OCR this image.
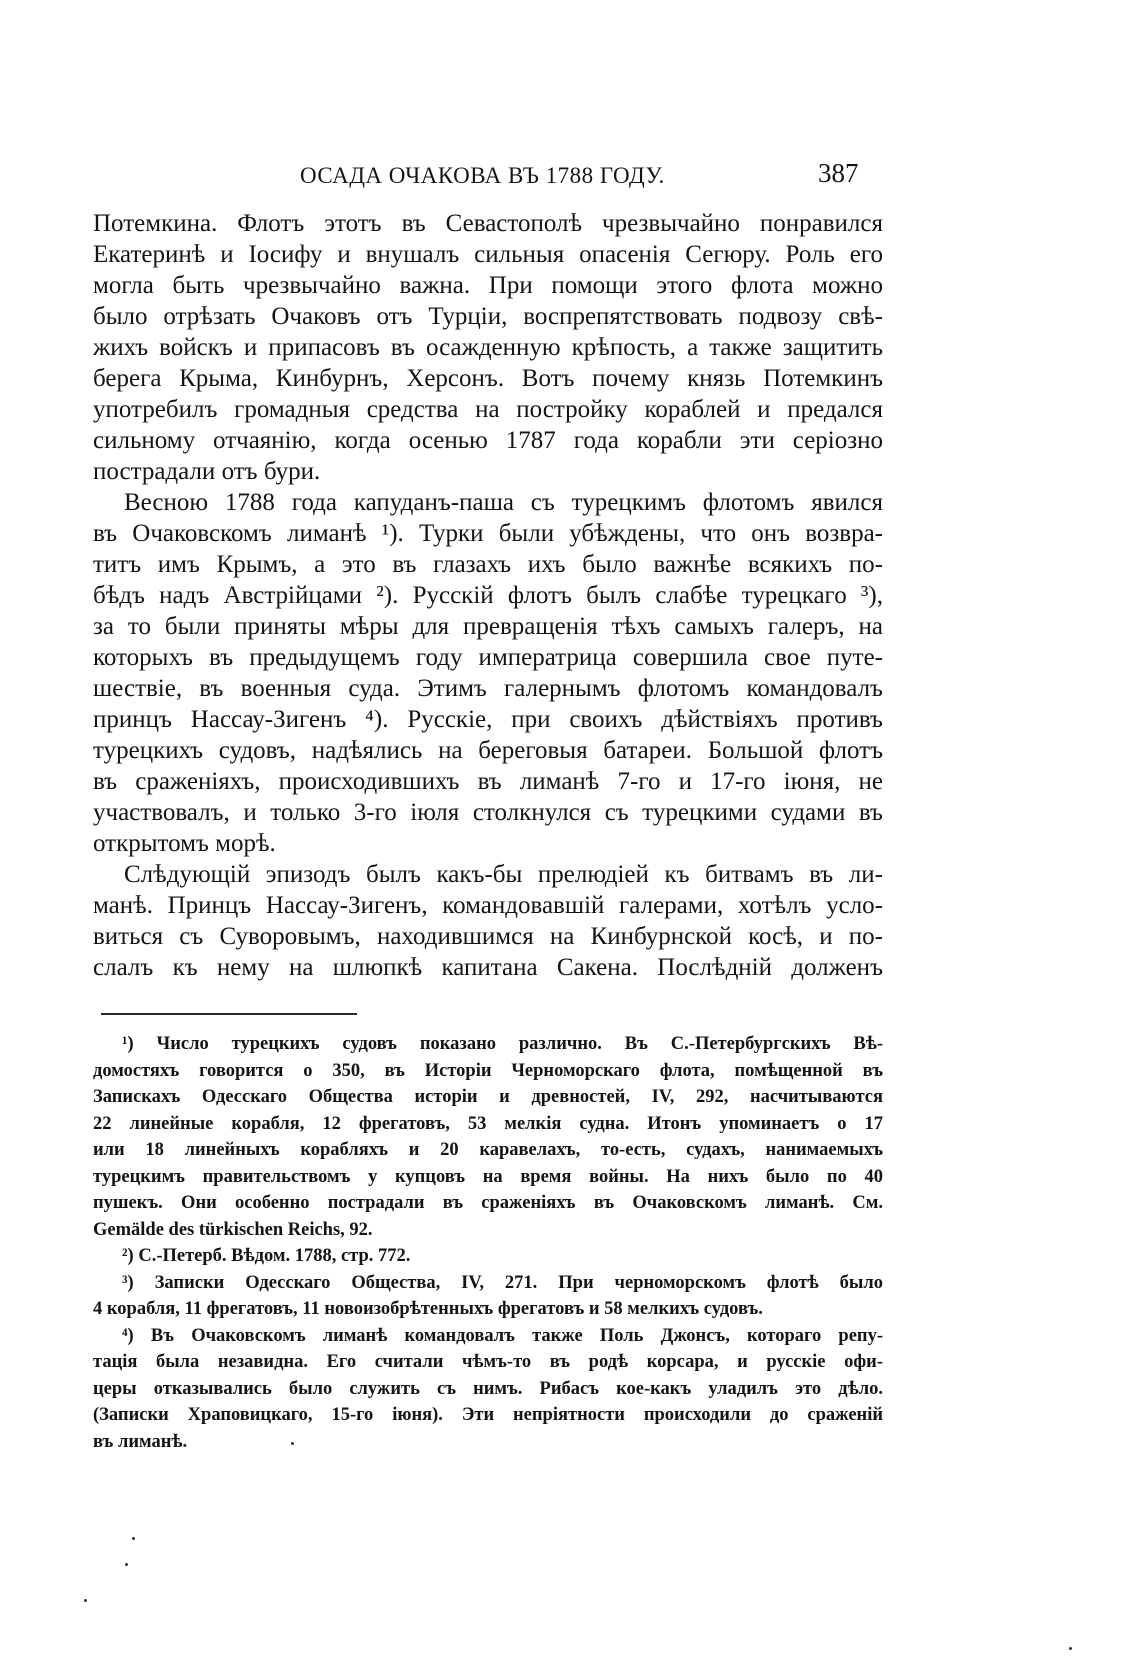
ОСАДА ОЧАКОВА ВЪ 1788 ГОДУ.	387
Потемкина. Флотъ этотъ въ Севастополѣ чрезвычайно понравился
Екатеринѣ и Іосифу и внушалъ сильныя опасенія Сегюру. Роль его
могла быть чрезвычайно важна. При помощи этого флота можно
было отрѣзать Очаковъ отъ Турціи, воспрепятствовать подвозу свѣ-
жихъ войскъ и припасовъ въ осажденную крѣпость, а также защитить
берега Крыма, Кинбурнъ, Херсонъ. Вотъ почему князь Потемкинъ
употребилъ громадныя средства на постройку кораблей и предался
сильному отчаянію, когда осенью 1787 года корабли эти серіозно
пострадали отъ бури.
Весною 1788 года капуданъ-паша съ турецкимъ флотомъ явился
въ Очаковскомъ лиманѣ ¹). Турки были убѣждены, что онъ возвра-
титъ имъ Крымъ, а это въ глазахъ ихъ было важнѣе всякихъ по-
бѣдъ надъ Австрійцами ²). Русскій флотъ былъ слабѣе турецкаго ³),
за то были приняты мѣры для превращенія тѣхъ самыхъ галеръ, на
которыхъ въ предыдущемъ году императрица совершила свое путе-
шествіе, въ военныя суда. Этимъ галернымъ флотомъ командовалъ
принцъ Нассау-Зигенъ ⁴). Русскіе, при своихъ дѣйствіяхъ противъ
турецкихъ судовъ, надѣялись на береговыя батареи. Большой флотъ
въ сраженіяхъ, происходившихъ въ лиманѣ 7-го и 17-го іюня, не
участвовалъ, и только 3-го іюля столкнулся съ турецкими судами въ
открытомъ морѣ.
Слѣдующій эпизодъ былъ какъ-бы прелюдіей къ битвамъ въ ли-
манѣ. Принцъ Нассау-Зигенъ, командовавшій галерами, хотѣлъ усло-
виться съ Суворовымъ, находившимся на Кинбурнской косѣ, и по-
слалъ къ нему на шлюпкѣ капитана Сакена. Послѣдній долженъ
¹) Число турецкихъ судовъ показано различно. Въ С.-Петербургскихъ Вѣ-
домостяхъ говорится о 350, въ Исторіи Черноморскаго флота, помѣщенной въ
Запискахъ Одесскаго Общества исторіи и древностей, IV, 292, насчитываются
22 линейные корабля, 12 фрегатовъ, 53 мелкія судна. Итонъ упоминаетъ о 17
или 18 линейныхъ корабляхъ и 20 каравелахъ, то-есть, судахъ, нанимаемыхъ
турецкимъ правительствомъ у купцовъ на время войны. На нихъ было по 40
пушекъ. Они особенно пострадали въ сраженіяхъ въ Очаковскомъ лиманѣ. См.
Gemälde des türkischen Reichs, 92.
²) С.-Петерб. Вѣдом. 1788, стр. 772.
³) Записки Одесскаго Общества, IV, 271. При черноморскомъ флотѣ было
4 корабля, 11 фрегатовъ, 11 новоизобрѣтенныхъ фрегатовъ и 58 мелкихъ судовъ.
⁴) Въ Очаковскомъ лиманѣ командовалъ также Поль Джонсъ, котораго репу-
тація была незавидна. Его считали чѣмъ-то въ родѣ корсара, и русскіе офи-
церы отказывались было служить съ нимъ. Рибасъ кое-какъ уладилъ это дѣло.
(Записки Храповицкаго, 15-го іюня). Эти непріятности происходили до сраженій
въ лиманѣ.
